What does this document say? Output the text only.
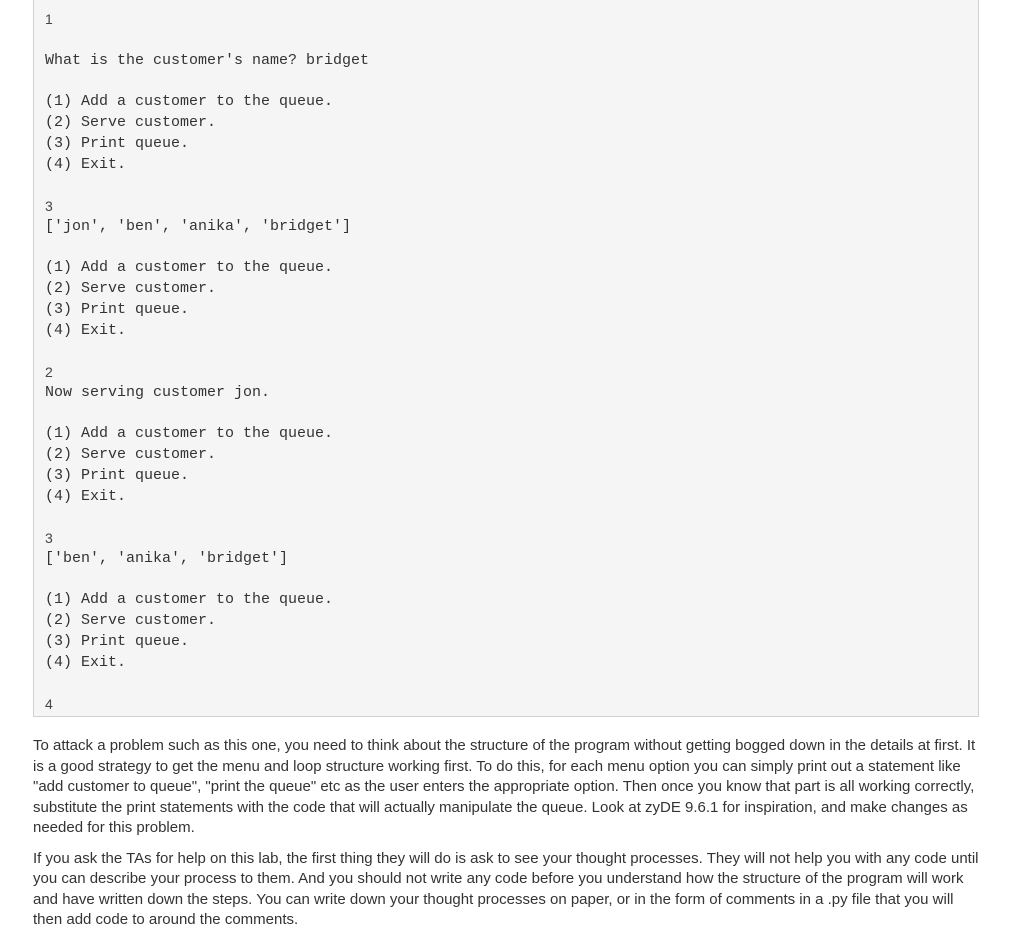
1
What is the customer's name? bridget
(1) Add a customer to the queue.
(2) Serve customer.
(3) Print queue.
(4) Exit.
3
['jon', 'ben', 'anika', 'bridget']
(1) Add a customer to the queue.
(2) Serve customer.
(3) Print queue.
(4) Exit.
2
Now serving customer jon.
(1) Add a customer to the queue.
(2) Serve customer.
(3) Print queue.
(4) Exit.
3
['ben', 'anika', 'bridget']
(1) Add a customer to the queue.
(2) Serve customer.
(3) Print queue.
(4) Exit.
4

To attack a problem such as this one, you need to think about the structure of the program without getting bogged down in the details at first. It is a good strategy to get the menu and loop structure working first. To do this, for each menu option you can simply print out a statement like "add customer to queue", "print the queue" etc as the user enters the appropriate option. Then once you know that part is all working correctly, substitute the print statements with the code that will actually manipulate the queue. Look at zyDE 9.6.1 for inspiration, and make changes as needed for this problem.

If you ask the TAs for help on this lab, the first thing they will do is ask to see your thought processes. They will not help you with any code until you can describe your process to them. And you should not write any code before you understand how the structure of the program will work and have written down the steps. You can write down your thought processes on paper, or in the form of comments in a .py file that you will then add code to around the comments.
